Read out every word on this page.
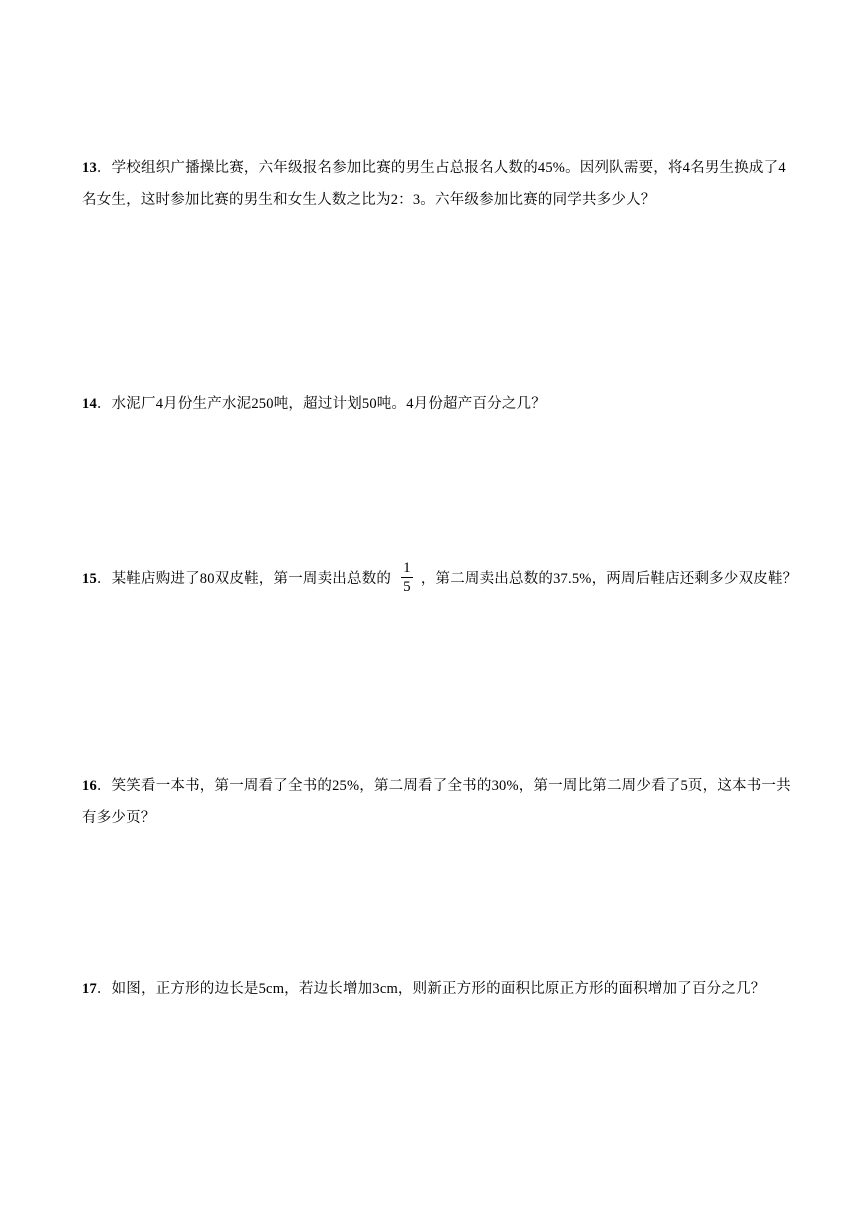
13．学校组织广播操比赛，六年级报名参加比赛的男生占总报名人数的45%。因列队需要，将4名男生换成了4名女生，这时参加比赛的男生和女生人数之比为2：3。六年级参加比赛的同学共多少人？
14．水泥厂4月份生产水泥250吨，超过计划50吨。4月份超产百分之几？
15．某鞋店购进了80双皮鞋，第一周卖出总数的 $\frac{1}{5}$ ，第二周卖出总数的37.5%，两周后鞋店还剩多少双皮鞋？
16．笑笑看一本书，第一周看了全书的25%，第二周看了全书的30%，第一周比第二周少看了5页，这本书一共有多少页？
17．如图，正方形的边长是5cm，若边长增加3cm，则新正方形的面积比原正方形的面积增加了百分之几？
